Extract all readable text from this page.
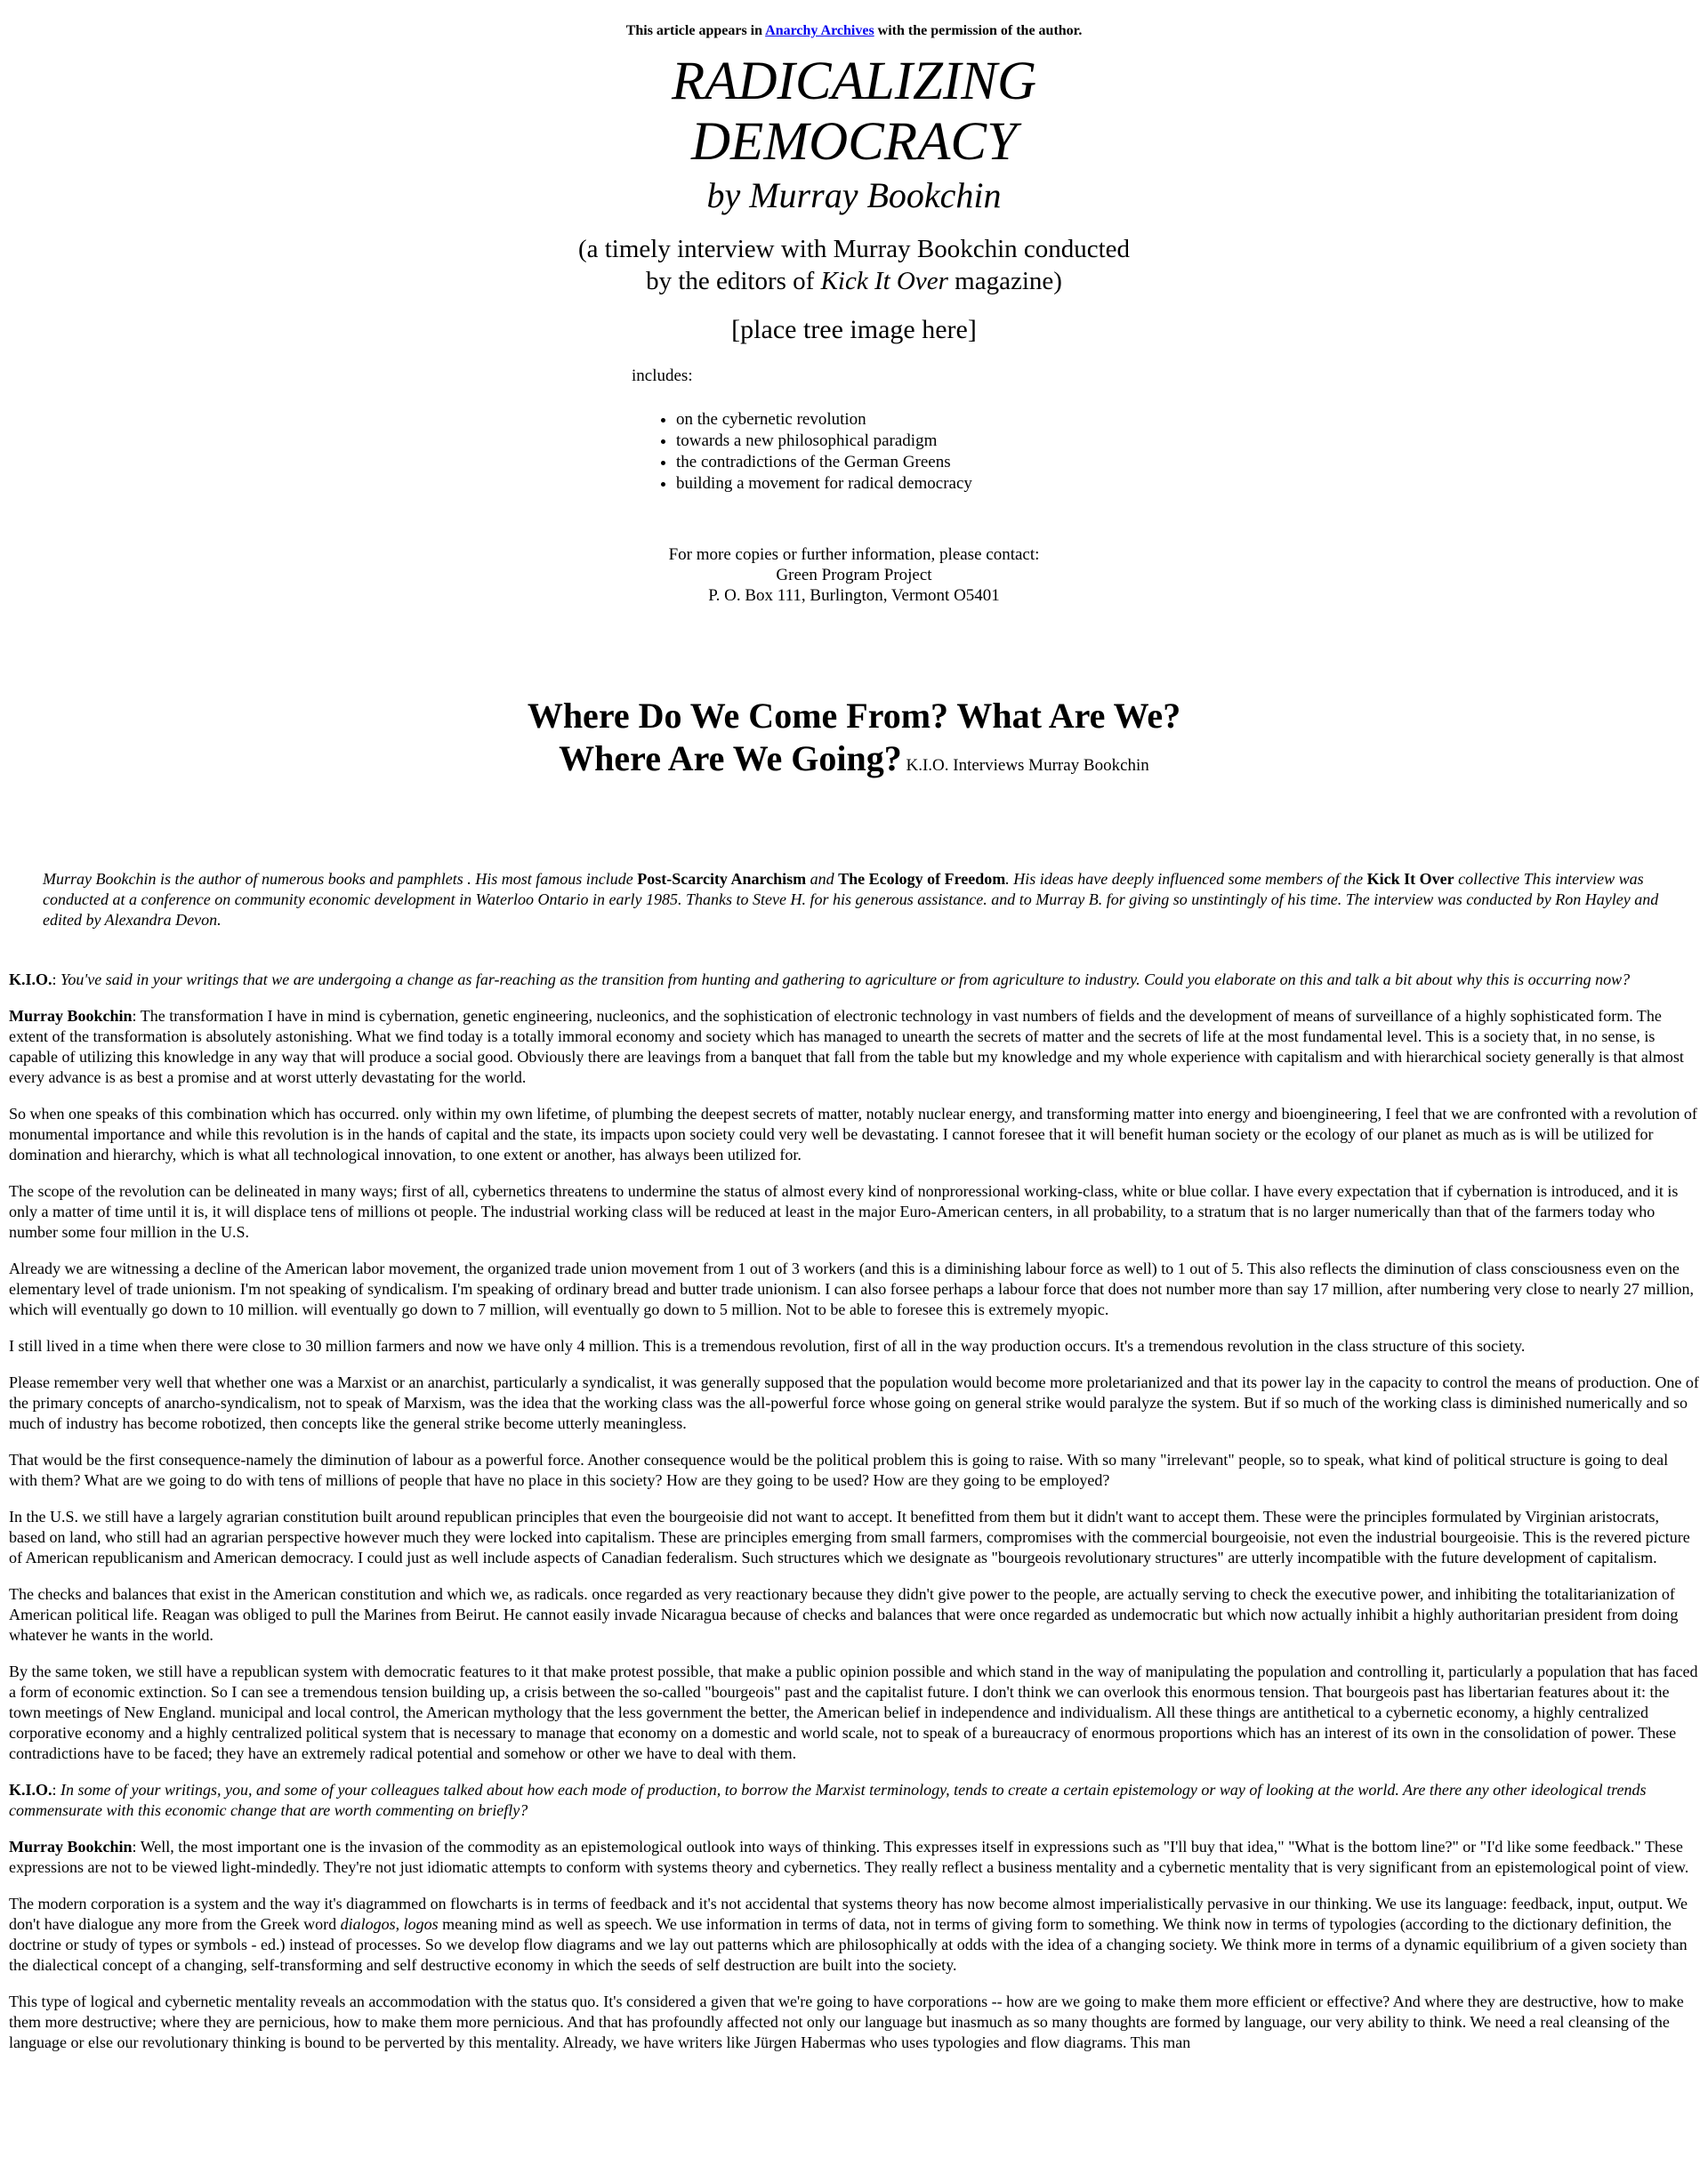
This article appears in Anarchy Archives with the permission of the author.
RADICALIZING
DEMOCRACY
by Murray Bookchin
(a timely interview with Murray Bookchin conducted
by the editors of Kick It Over magazine)
[place tree image here]
includes:
• on the cybernetic revolution
• towards a new philosophical paradigm
• the contradictions of the German Greens
• building a movement for radical democracy
For more copies or further information, please contact:
Green Program Project
P. O. Box 111, Burlington, Vermont O5401
Where Do We Come From? What Are We?
Where Are We Going? K.I.O. Interviews Murray Bookchin
Murray Bookchin is the author of numerous books and pamphlets . His most famous include Post-Scarcity Anarchism and The Ecology of Freedom. His ideas have deeply influenced some members of the Kick It Over collective This interview was conducted at a conference on community economic development in Waterloo Ontario in early 1985. Thanks to Steve H. for his generous assistance. and to Murray B. for giving so unstintingly of his time. The interview was conducted by Ron Hayley and edited by Alexandra Devon.

K.I.O.: You've said in your writings that we are undergoing a change as far-reaching as the transition from hunting and gathering to agriculture or from agriculture to industry. Could you elaborate on this and talk a bit about why this is occurring now?

Murray Bookchin: The transformation I have in mind is cybernation, genetic engineering, nucleonics, and the sophistication of electronic technology in vast numbers of fields and the development of means of surveillance of a highly sophisticated form. The extent of the transformation is absolutely astonishing. What we find today is a totally immoral economy and society which has managed to unearth the secrets of matter and the secrets of life at the most fundamental level. This is a society that, in no sense, is capable of utilizing this knowledge in any way that will produce a social good. Obviously there are leavings from a banquet that fall from the table but my knowledge and my whole experience with capitalism and with hierarchical society generally is that almost every advance is as best a promise and at worst utterly devastating for the world.

So when one speaks of this combination which has occurred. only within my own lifetime, of plumbing the deepest secrets of matter, notably nuclear energy, and transforming matter into energy and bioengineering, I feel that we are confronted with a revolution of monumental importance and while this revolution is in the hands of capital and the state, its impacts upon society could very well be devastating. I cannot foresee that it will benefit human society or the ecology of our planet as much as is will be utilized for domination and hierarchy, which is what all technological innovation, to one extent or another, has always been utilized for.

The scope of the revolution can be delineated in many ways; first of all, cybernetics threatens to undermine the status of almost every kind of nonproressional working-class, white or blue collar. I have every expectation that if cybernation is introduced, and it is only a matter of time until it is, it will displace tens of millions ot people. The industrial working class will be reduced at least in the major Euro-American centers, in all probability, to a stratum that is no larger numerically than that of the farmers today who number some four million in the U.S.

Already we are witnessing a decline of the American labor movement, the organized trade union movement from 1 out of 3 workers (and this is a diminishing labour force as well) to 1 out of 5. This also reflects the diminution of class consciousness even on the elementary level of trade unionism. I'm not speaking of syndicalism. I'm speaking of ordinary bread and butter trade unionism. I can also forsee perhaps a labour force that does not number more than say 17 million, after numbering very close to nearly 27 million, which will eventually go down to 10 million. will eventually go down to 7 million, will eventually go down to 5 million. Not to be able to foresee this is extremely myopic.

I still lived in a time when there were close to 30 million farmers and now we have only 4 million. This is a tremendous revolution, first of all in the way production occurs. It's a tremendous revolution in the class structure of this society.

Please remember very well that whether one was a Marxist or an anarchist, particularly a syndicalist, it was generally supposed that the population would become more proletarianized and that its power lay in the capacity to control the means of production. One of the primary concepts of anarcho-syndicalism, not to speak of Marxism, was the idea that the working class was the all-powerful force whose going on general strike would paralyze the system. But if so much of the working class is diminished numerically and so much of industry has become robotized, then concepts like the general strike become utterly meaningless.

That would be the first consequence-namely the diminution of labour as a powerful force. Another consequence would be the political problem this is going to raise. With so many "irrelevant" people, so to speak, what kind of political structure is going to deal with them? What are we going to do with tens of millions of people that have no place in this society? How are they going to be used? How are they going to be employed?

In the U.S. we still have a largely agrarian constitution built around republican principles that even the bourgeoisie did not want to accept. It benefitted from them but it didn't want to accept them. These were the principles formulated by Virginian aristocrats, based on land, who still had an agrarian perspective however much they were locked into capitalism. These are principles emerging from small farmers, compromises with the commercial bourgeoisie, not even the industrial bourgeoisie. This is the revered picture of American republicanism and American democracy. I could just as well include aspects of Canadian federalism. Such structures which we designate as "bourgeois revolutionary structures" are utterly incompatible with the future development of capitalism.

The checks and balances that exist in the American constitution and which we, as radicals. once regarded as very reactionary because they didn't give power to the people, are actually serving to check the executive power, and inhibiting the totalitarianization of American political life. Reagan was obliged to pull the Marines from Beirut. He cannot easily invade Nicaragua because of checks and balances that were once regarded as undemocratic but which now actually inhibit a highly authoritarian president from doing whatever he wants in the world.

By the same token, we still have a republican system with democratic features to it that make protest possible, that make a public opinion possible and which stand in the way of manipulating the population and controlling it, particularly a population that has faced a form of economic extinction. So I can see a tremendous tension building up, a crisis between the so-called "bourgeois" past and the capitalist future. I don't think we can overlook this enormous tension. That bourgeois past has libertarian features about it: the town meetings of New England. municipal and local control, the American mythology that the less government the better, the American belief in independence and individualism. All these things are antithetical to a cybernetic economy, a highly centralized corporative economy and a highly centralized political system that is necessary to manage that economy on a domestic and world scale, not to speak of a bureaucracy of enormous proportions which has an interest of its own in the consolidation of power. These contradictions have to be faced; they have an extremely radical potential and somehow or other we have to deal with them.

K.I.O.: In some of your writings, you, and some of your colleagues talked about how each mode of production, to borrow the Marxist terminology, tends to create a certain epistemology or way of looking at the world. Are there any other ideological trends commensurate with this economic change that are worth commenting on briefly?

Murray Bookchin: Well, the most important one is the invasion of the commodity as an epistemological outlook into ways of thinking. This expresses itself in expressions such as "I'll buy that idea," "What is the bottom line?" or "I'd like some feedback." These expressions are not to be viewed light-mindedly. They're not just idiomatic attempts to conform with systems theory and cybernetics. They really reflect a business mentality and a cybernetic mentality that is very significant from an epistemological point of view.

The modern corporation is a system and the way it's diagrammed on flowcharts is in terms of feedback and it's not accidental that systems theory has now become almost imperialistically pervasive in our thinking. We use its language: feedback, input, output. We don't have dialogue any more from the Greek word dialogos, logos meaning mind as well as speech. We use information in terms of data, not in terms of giving form to something. We think now in terms of typologies (according to the dictionary definition, the doctrine or study of types or symbols - ed.) instead of processes. So we develop flow diagrams and we lay out patterns which are philosophically at odds with the idea of a changing society. We think more in terms of a dynamic equilibrium of a given society than the dialectical concept of a changing, self-transforming and self destructive economy in which the seeds of self destruction are built into the society.

This type of logical and cybernetic mentality reveals an accommodation with the status quo. It's considered a given that we're going to have corporations -- how are we going to make them more efficient or effective? And where they are destructive, how to make them more destructive; where they are pernicious, how to make them more pernicious. And that has profoundly affected not only our language but inasmuch as so many thoughts are formed by language, our very ability to think. We need a real cleansing of the language or else our revolutionary thinking is bound to be perverted by this mentality. Already, we have writers like Jürgen Habermas who uses typologies and flow diagrams. This man
